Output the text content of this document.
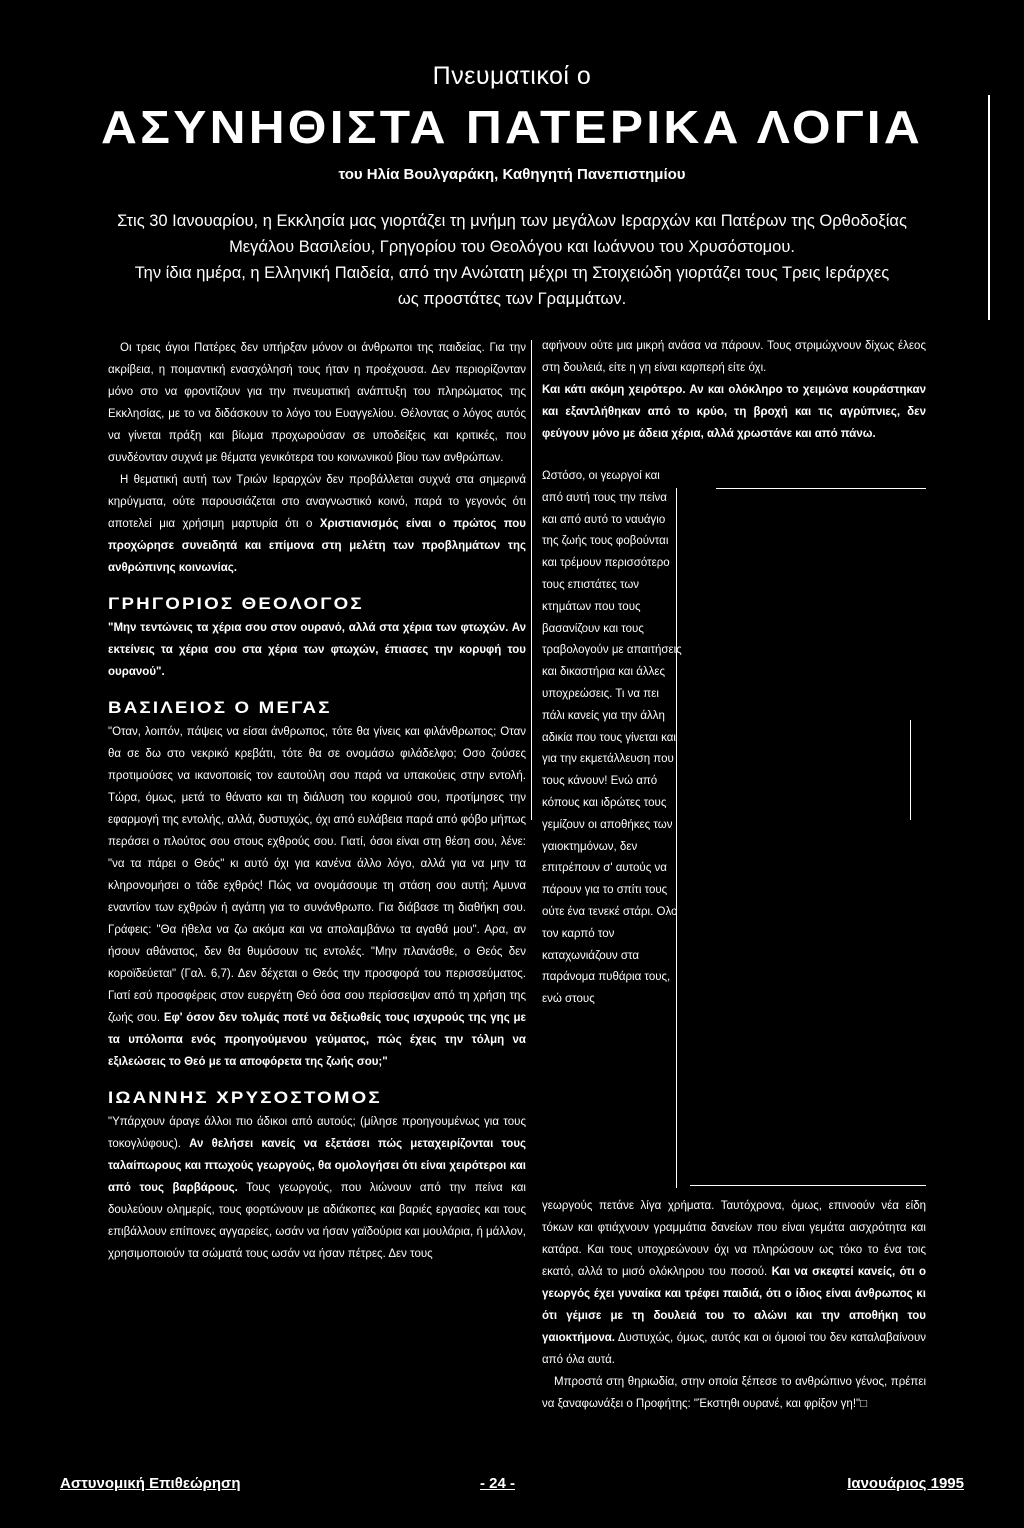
Πνευματικοί ο
ΑΣΥΝΗΘΙΣΤΑ ΠΑΤΕΡΙΚΑ ΛΟΓΙΑ
του Ηλία Βουλγαράκη, Καθηγητή Πανεπιστημίου
Στις 30 Ιανουαρίου, η Εκκλησία μας γιορτάζει τη μνήμη των μεγάλων Ιεραρχών και Πατέρων της Ορθοδοξίας
Μεγάλου Βασιλείου, Γρηγορίου του Θεολόγου και Ιωάννου του Χρυσόστομου.
Την ίδια ημέρα, η Ελληνική Παιδεία, από την Ανώτατη μέχρι τη Στοιχειώδη γιορτάζει τους Τρεις Ιεράρχες
ως προστάτες των Γραμμάτων.

Οι τρεις άγιοι Πατέρες δεν υπήρξαν μόνον οι άνθρωποι της παιδείας. Για την ακρίβεια, η ποιμαντική ενασχόλησή τους ήταν η προέχουσα. Δεν περιορίζονταν μόνο στο να φροντίζουν για την πνευματική ανάπτυξη του πληρώματος της Εκκλησίας, με το να διδάσκουν το λόγο του Ευαγγελίου. Θέλοντας ο λόγος αυτός να γίνεται πράξη και βίωμα προχωρούσαν σε υποδείξεις και κριτικές, που συνδέονταν συχνά με θέματα γενικότερα του κοινωνικού βίου των ανθρώπων.

Η θεματική αυτή των Τριών Ιεραρχών δεν προβάλλεται συχνά στα σημερινά κηρύγματα, ούτε παρουσιάζεται στο αναγνωστικό κοινό, παρά το γεγονός ότι αποτελεί μια χρήσιμη μαρτυρία ότι ο Χριστιανισμός είναι ο πρώτος που προχώρησε συνειδητά και επίμονα στη μελέτη των προβλημάτων της ανθρώπινης κοινωνίας.

ΓΡΗΓΟΡΙΟΣ ΘΕΟΛΟΓΟΣ

"Μην τεντώνεις τα χέρια σου στον ουρανό, αλλά στα χέρια των φτωχών. Αν εκτείνεις τα χέρια σου στα χέρια των φτωχών, έπιασες την κορυφή του ουρανού".

ΒΑΣΙΛΕΙΟΣ Ο ΜΕΓΑΣ

"Οταν, λοιπόν, πάψεις να είσαι άνθρωπος, τότε θα γίνεις και φιλάνθρωπος; Οταν θα σε δω στο νεκρικό κρεβάτι, τότε θα σε ονομάσω φιλάδελφο; Οσο ζούσες προτιμούσες να ικανοποιείς τον εαυτούλη σου παρά να υπακούεις στην εντολή. Τώρα, όμως, μετά το θάνατο και τη διάλυση του κορμιού σου, προτίμησες την εφαρμογή της εντολής, αλλά, δυστυχώς, όχι από ευλάβεια παρά από φόβο μήπως περάσει ο πλούτος σου στους εχθρούς σου. Γιατί, όσοι είναι στη θέση σου, λένε: "να τα πάρει ο Θεός" κι αυτό όχι για κανένα άλλο λόγο, αλλά για να μην τα κληρονομήσει ο τάδε εχθρός! Πώς να ονομάσουμε τη στάση σου αυτή; Αμυνα εναντίον των εχθρών ή αγάπη για το συνάνθρωπο. Για διάβασε τη διαθήκη σου. Γράφεις: "Θα ήθελα να ζω ακόμα και να απολαμβάνω τα αγαθά μου". Αρα, αν ήσουν αθάνατος, δεν θα θυμόσουν τις εντολές. "Μην πλανάσθε, ο Θεός δεν κοροϊδεύεται" (Γαλ. 6,7). Δεν δέχεται ο Θεός την προσφορά του περισσεύματος. Γιατί εσύ προσφέρεις στον ευεργέτη Θεό όσα σου περίσσεψαν από τη χρήση της ζωής σου. Εφ' όσον δεν τολμάς ποτέ να δεξιωθείς τους ισχυρούς της γης με τα υπόλοιπα ενός προηγούμενου γεύματος, πώς έχεις την τόλμη να εξιλεώσεις το Θεό με τα αποφόρετα της ζωής σου;"

ΙΩΑΝΝΗΣ ΧΡΥΣΟΣΤΟΜΟΣ

"Υπάρχουν άραγε άλλοι πιο άδικοι από αυτούς; (μίλησε προηγουμένως για τους τοκογλύφους). Αν θελήσει κανείς να εξετάσει πώς μεταχειρίζονται τους ταλαίπωρους και πτωχούς γεωργούς, θα ομολογήσει ότι είναι χειρότεροι και από τους βαρβάρους. Τους γεωργούς, που λιώνουν από την πείνα και δουλεύουν ολημερίς, τους φορτώνουν με αδιάκοπες και βαριές εργασίες και τους επιβάλλουν επίπονες αγγαρείες, ωσάν να ήσαν γαϊδούρια και μουλάρια, ή μάλλον, χρησιμοποιούν τα σώματά τους ωσάν να ήσαν πέτρες. Δεν τους

αφήνουν ούτε μια μικρή ανάσα να πάρουν. Τους στριμώχνουν δίχως έλεος στη δουλειά, είτε η γη είναι καρπερή είτε όχι.

Και κάτι ακόμη χειρότερο. Αν και ολόκληρο το χειμώνα κουράστηκαν και εξαντλήθηκαν από το κρύο, τη βροχή και τις αγρύπνιες, δεν φεύγουν μόνο με άδεια χέρια, αλλά χρωστάνε και από πάνω.

Ωστόσο, οι γεωργοί και από αυτή τους την πείνα και από αυτό το ναυάγιο της ζωής τους φοβούνται και τρέμουν περισσότερο τους επιστάτες των κτημάτων που τους βασανίζουν και τους τραβολογούν με απαιτήσεις και δικαστήρια και άλλες υποχρεώσεις. Τι να πει πάλι κανείς για την άλλη αδικία που τους γίνεται και για την εκμετάλλευση που τους κάνουν! Ενώ από κόπους και ιδρώτες τους γεμίζουν οι αποθήκες των γαιοκτημόνων, δεν επιτρέπουν σ' αυτούς να πάρουν για το σπίτι τους ούτε ένα τενεκέ στάρι. Ολο τον καρπό τον καταχωνιάζουν στα παράνομα πυθάρια τους, ενώ στους

γεωργούς πετάνε λίγα χρήματα. Ταυτόχρονα, όμως, επινοούν νέα είδη τόκων και φτιάχνουν γραμμάτια δανείων που είναι γεμάτα αισχρότητα και κατάρα. Και τους υποχρεώνουν όχι να πληρώσουν ως τόκο το ένα τοις εκατό, αλλά το μισό ολόκληρου του ποσού. Και να σκεφτεί κανείς, ότι ο γεωργός έχει γυναίκα και τρέφει παιδιά, ότι ο ίδιος είναι άνθρωπος κι ότι γέμισε με τη δουλειά του το αλώνι και την αποθήκη του γαιοκτήμονα. Δυστυχώς, όμως, αυτός και οι όμοιοί του δεν καταλαβαίνουν από όλα αυτά.

Μπροστά στη θηριωδία, στην οποία ξέπεσε το ανθρώπινο γένος, πρέπει να ξαναφωνάξει ο Προφήτης: "Έκστηθι ουρανέ, και φρίξον γη!"□

Αστυνομική Επιθεώρηση	- 24 -	Ιανουάριος 1995
